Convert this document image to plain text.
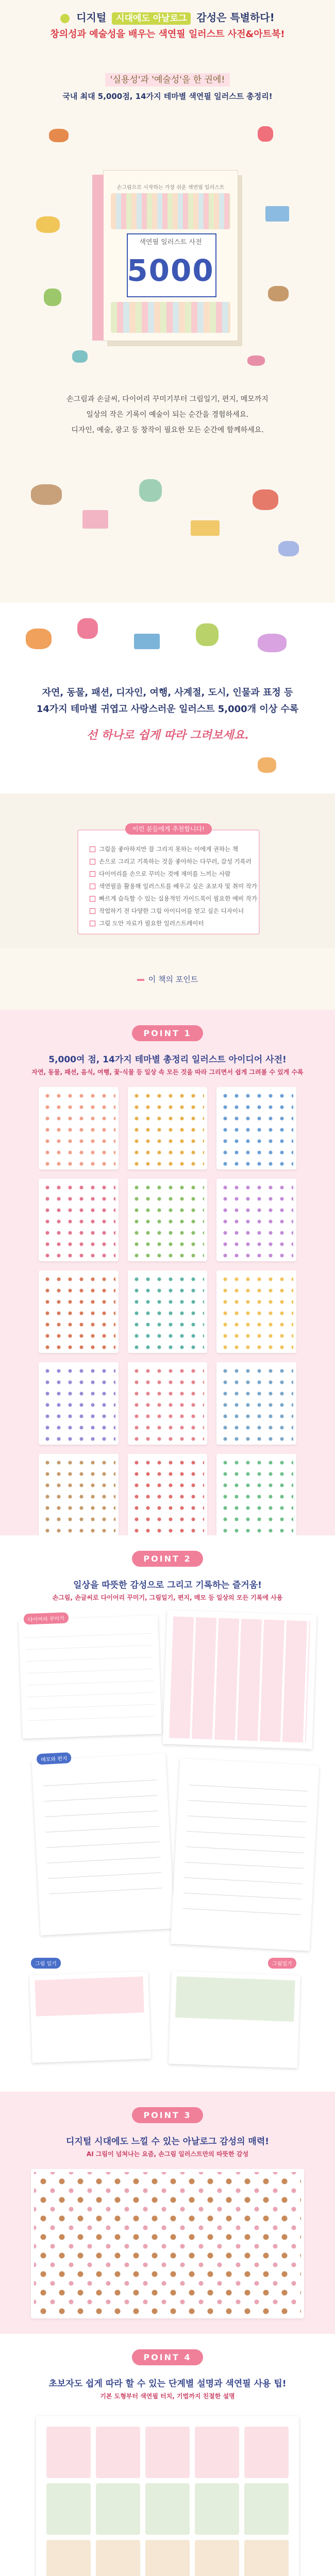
디지털 시대에도 아날로그 감성은 특별하다!
창의성과 예술성을 배우는 색연필 일러스트 사전&아트북!
'실용성'과 '예술성'을 한 권에!
국내 최대 5,000점, 14가지 테마별 색연필 일러스트 총정리!
손그림으로 시작하는 가장 쉬운 색연필 일러스트
색연필 일러스트 사전
5000
손그림과 손글씨, 다이어리 꾸미기부터 그림일기, 편지, 메모까지
일상의 작은 기록이 예술이 되는 순간을 경험하세요.
디자인, 예술, 광고 등 창작이 필요한 모든 순간에 함께하세요.
자연, 동물, 패션, 디자인, 여행, 사계절, 도시, 인물과 표정 등
14가지 테마별 귀엽고 사랑스러운 일러스트 5,000개 이상 수록
선 하나로 쉽게 따라 그려보세요.
이런 분들에게 추천합니다!
그림을 좋아하지만 잘 그리지 못하는 이에게 권하는 책
손으로 그리고 기록하는 것을 좋아하는 다꾸러, 감성 기록러
다이어리를 손으로 꾸미는 것에 재미를 느끼는 사람
색연필을 활용해 일러스트를 배우고 싶은 초보자 및 취미 작가
빠르게 습득할 수 있는 실용적인 가이드북이 필요한 예비 작가
작업하기 전 다양한 그림 아이디어를 얻고 싶은 디자이너
그림 도안 자료가 필요한 일러스트레이터
이 책의 포인트
POINT 1
5,000여 점, 14가지 테마별 총정리 일러스트 아이디어 사전!
자연, 동물, 패션, 음식, 여행, 꽃·식물 등 일상 속 모든 것을 따라 그리면서 쉽게 그려볼 수 있게 수록
POINT 2
일상을 따뜻한 감성으로 그리고 기록하는 즐거움!
손그림, 손글씨로 다이어리 꾸미기, 그림일기, 편지, 메모 등 일상의 모든 기록에 사용
다이어리 꾸미기
메모와 편지
그림 일기	그림일기
POINT 3
디지털 시대에도 느낄 수 있는 아날로그 감성의 매력!
AI 그림이 넘쳐나는 요즘, 손그림 일러스트만의 따뜻한 감성
POINT 4
초보자도 쉽게 따라 할 수 있는 단계별 설명과 색연필 사용 팁!
기본 도형부터 색연필 터치, 기법까지 친절한 설명
